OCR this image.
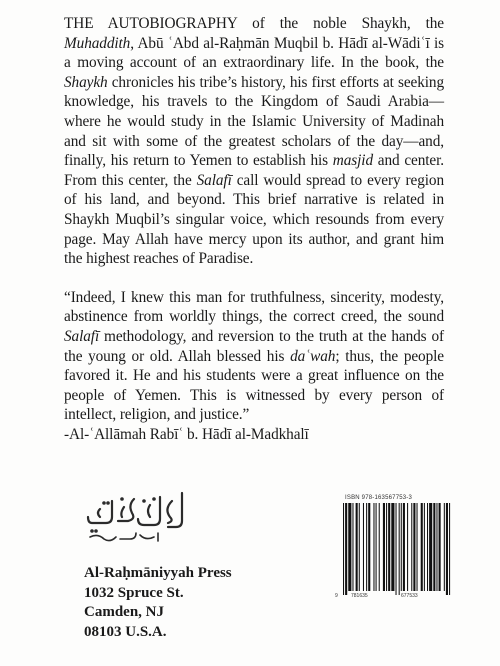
THE AUTOBIOGRAPHY of the noble Shaykh, the Muhaddith, Abū ʿAbd al-Raḥmān Muqbil b. Hādī al-Wādiʿī is a moving account of an extraordinary life. In the book, the Shaykh chronicles his tribe’s history, his first efforts at seeking knowledge, his travels to the Kingdom of Saudi Arabia—where he would study in the Islamic University of Madinah and sit with some of the greatest scholars of the day—and, finally, his return to Yemen to establish his masjid and center. From this center, the Salafī call would spread to every region of his land, and beyond. This brief narrative is related in Shaykh Muqbil’s singular voice, which resounds from every page. May Allah have mercy upon its author, and grant him the highest reaches of Paradise.

“Indeed, I knew this man for truthfulness, sincerity, modesty, abstinence from worldly things, the correct creed, the sound Salafī methodology, and reversion to the truth at the hands of the young or old. Allah blessed his daʿwah; thus, the people favored it. He and his students were a great influence on the people of Yemen. This is witnessed by every person of intellect, religion, and justice.”

-Al-ʿAllāmah Rabīʿ b. Hādī al-Madkhalī

Al-Raḥmāniyyah Press
1032 Spruce St.
Camden, NJ
08103 U.S.A.
ISBN 978-163567753-3
9	781635	677533
